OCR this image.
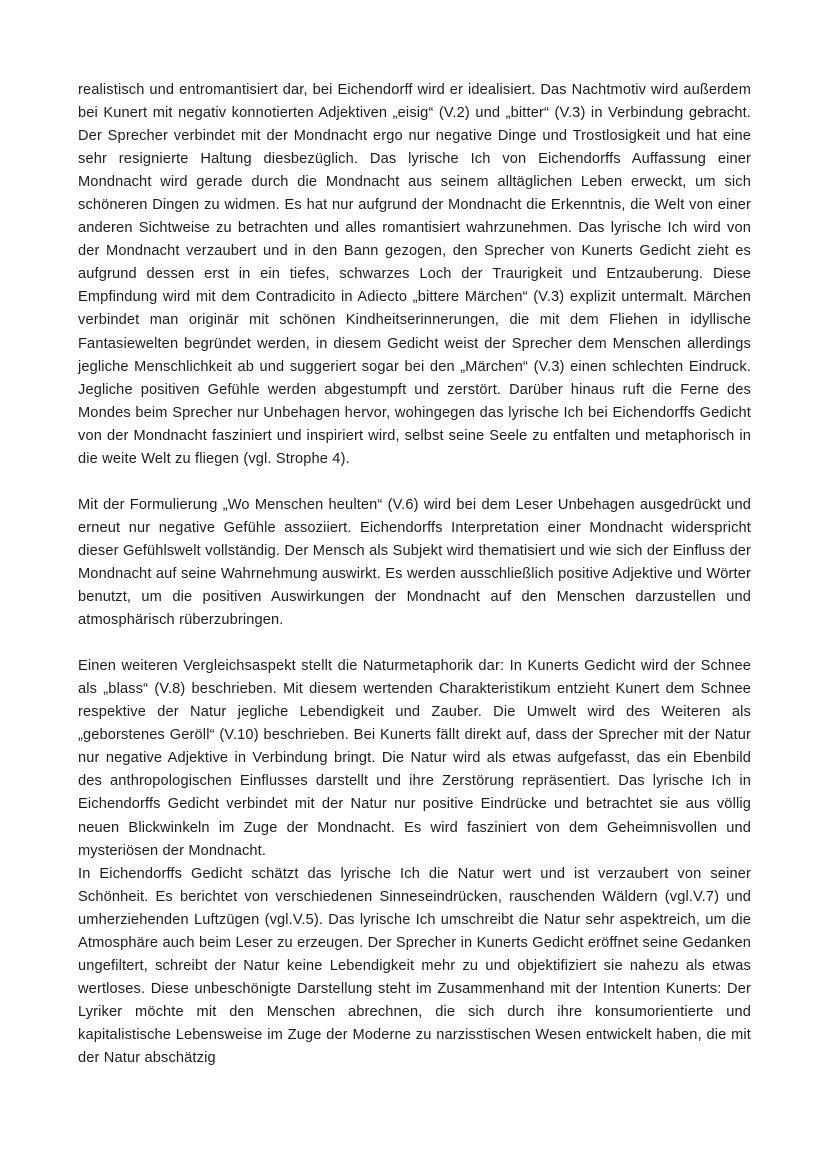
realistisch und entromantisiert dar, bei Eichendorff wird er idealisiert. Das Nachtmotiv wird außerdem bei Kunert mit negativ konnotierten Adjektiven „eisig“ (V.2) und „bitter“ (V.3) in Verbindung gebracht. Der Sprecher verbindet mit der Mondnacht ergo nur negative Dinge und Trostlosigkeit und hat eine sehr resignierte Haltung diesbezüglich. Das lyrische Ich von Eichendorffs Auffassung einer Mondnacht wird gerade durch die Mondnacht aus seinem alltäglichen Leben erweckt, um sich schöneren Dingen zu widmen. Es hat nur aufgrund der Mondnacht die Erkenntnis, die Welt von einer anderen Sichtweise zu betrachten und alles romantisiert wahrzunehmen. Das lyrische Ich wird von der Mondnacht verzaubert und in den Bann gezogen, den Sprecher von Kunerts Gedicht zieht es aufgrund dessen erst in ein tiefes, schwarzes Loch der Traurigkeit und Entzauberung. Diese Empfindung wird mit dem Contradicito in Adiecto „bittere Märchen“ (V.3) explizit untermalt. Märchen verbindet man originär mit schönen Kindheitserinnerungen, die mit dem Fliehen in idyllische Fantasiewelten begründet werden, in diesem Gedicht weist der Sprecher dem Menschen allerdings jegliche Menschlichkeit ab und suggeriert sogar bei den „Märchen“ (V.3) einen schlechten Eindruck. Jegliche positiven Gefühle werden abgestumpft und zerstört. Darüber hinaus ruft die Ferne des Mondes beim Sprecher nur Unbehagen hervor, wohingegen das lyrische Ich bei Eichendorffs Gedicht von der Mondnacht fasziniert und inspiriert wird, selbst seine Seele zu entfalten und metaphorisch in die weite Welt zu fliegen (vgl. Strophe 4).

Mit der Formulierung „Wo Menschen heulten“ (V.6) wird bei dem Leser Unbehagen ausgedrückt und erneut nur negative Gefühle assoziiert. Eichendorffs Interpretation einer Mondnacht widerspricht dieser Gefühlswelt vollständig. Der Mensch als Subjekt wird thematisiert und wie sich der Einfluss der Mondnacht auf seine Wahrnehmung auswirkt. Es werden ausschließlich positive Adjektive und Wörter benutzt, um die positiven Auswirkungen der Mondnacht auf den Menschen darzustellen und atmosphärisch rüberzubringen.

Einen weiteren Vergleichsaspekt stellt die Naturmetaphorik dar: In Kunerts Gedicht wird der Schnee als „blass“ (V.8) beschrieben. Mit diesem wertenden Charakteristikum entzieht Kunert dem Schnee respektive der Natur jegliche Lebendigkeit und Zauber. Die Umwelt wird des Weiteren als „geborstenes Geröll“ (V.10) beschrieben. Bei Kunerts fällt direkt auf, dass der Sprecher mit der Natur nur negative Adjektive in Verbindung bringt. Die Natur wird als etwas aufgefasst, das ein Ebenbild des anthropologischen Einflusses darstellt und ihre Zerstörung repräsentiert. Das lyrische Ich in Eichendorffs Gedicht verbindet mit der Natur nur positive Eindrücke und betrachtet sie aus völlig neuen Blickwinkeln im Zuge der Mondnacht. Es wird fasziniert von dem Geheimnisvollen und mysteriösen der Mondnacht.

In Eichendorffs Gedicht schätzt das lyrische Ich die Natur wert und ist verzaubert von seiner Schönheit. Es berichtet von verschiedenen Sinneseindrücken, rauschenden Wäldern (vgl.V.7) und umherziehenden Luftzügen (vgl.V.5). Das lyrische Ich umschreibt die Natur sehr aspektreich, um die Atmosphäre auch beim Leser zu erzeugen. Der Sprecher in Kunerts Gedicht eröffnet seine Gedanken ungefiltert, schreibt der Natur keine Lebendigkeit mehr zu und objektifiziert sie nahezu als etwas wertloses. Diese unbeschönigte Darstellung steht im Zusammenhand mit der Intention Kunerts: Der Lyriker möchte mit den Menschen abrechnen, die sich durch ihre konsumorientierte und kapitalistische Lebensweise im Zuge der Moderne zu narzisstischen Wesen entwickelt haben, die mit der Natur abschätzig
